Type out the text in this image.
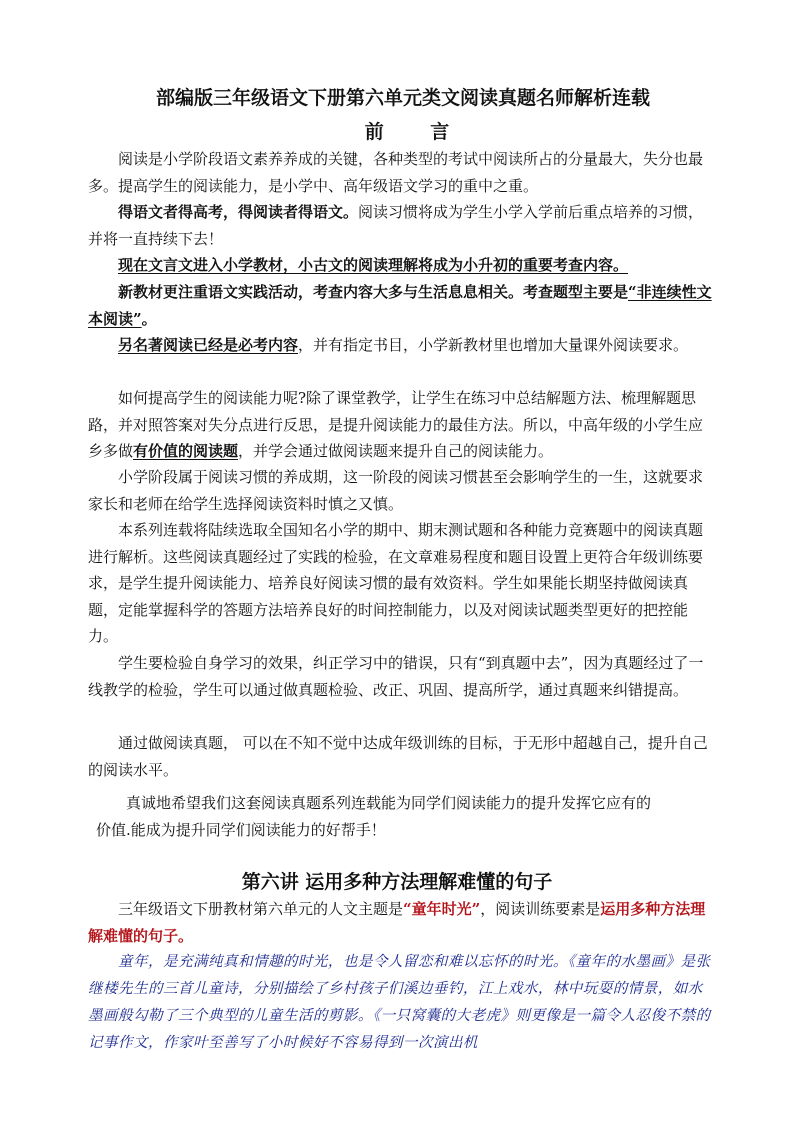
部编版三年级语文下册第六单元类文阅读真题名师解析连载
前 言

阅读是小学阶段语文素养养成的关键，各种类型的考试中阅读所占的分量最大，失分也最多。提高学生的阅读能力，是小学中、高年级语文学习的重中之重。

得语文者得高考，得阅读者得语文。阅读习惯将成为学生小学入学前后重点培养的习惯，并将一直持续下去！

现在文言文进入小学教材，小古文的阅读理解将成为小升初的重要考查内容。

新教材更注重语文实践活动，考查内容大多与生活息息相关。考查题型主要是“非连续性文本阅读”。

另名著阅读已经是必考内容，并有指定书目，小学新教材里也增加大量课外阅读要求。

如何提高学生的阅读能力呢?除了课堂教学，让学生在练习中总结解题方法、梳理解题思路，并对照答案对失分点进行反思，是提升阅读能力的最佳方法。所以，中高年级的小学生应乡多做有价值的阅读题，并学会通过做阅读题来提升自己的阅读能力。

小学阶段属于阅读习惯的养成期，这一阶段的阅读习惯甚至会影响学生的一生，这就要求家长和老师在给学生选择阅读资料时慎之又慎。

本系列连载将陆续选取全国知名小学的期中、期末测试题和各种能力竞赛题中的阅读真题进行解析。这些阅读真题经过了实践的检验，在文章难易程度和题目设置上更符合年级训练要求，是学生提升阅读能力、培养良好阅读习惯的最有效资料。学生如果能长期坚持做阅读真题，定能掌握科学的答题方法培养良好的时间控制能力，以及对阅读试题类型更好的把控能力。

学生要检验自身学习的效果，纠正学习中的错误，只有“到真题中去”，因为真题经过了一线教学的检验，学生可以通过做真题检验、改正、巩固、提高所学，通过真题来纠错提高。

通过做阅读真题， 可以在不知不觉中达成年级训练的目标，于无形中超越自己，提升自己的阅读水平。

真诚地希望我们这套阅读真题系列连载能为同学们阅读能力的提升发挥它应有的
价值.能成为提升同学们阅读能力的好帮手！

第六讲 运用多种方法理解难懂的句子

三年级语文下册教材第六单元的人文主题是“童年时光”，阅读训练要素是运用多种方法理解难懂的句子。

童年，是充满纯真和情趣的时光，也是令人留恋和难以忘怀的时光。《童年的水墨画》是张继楼先生的三首儿童诗，分别描绘了乡村孩子们溪边垂钓，江上戏水，林中玩耍的情景，如水墨画般勾勒了三个典型的儿童生活的剪影。《一只窝囊的大老虎》则更像是一篇令人忍俊不禁的记事作文，作家叶至善写了小时候好不容易得到一次演出机
